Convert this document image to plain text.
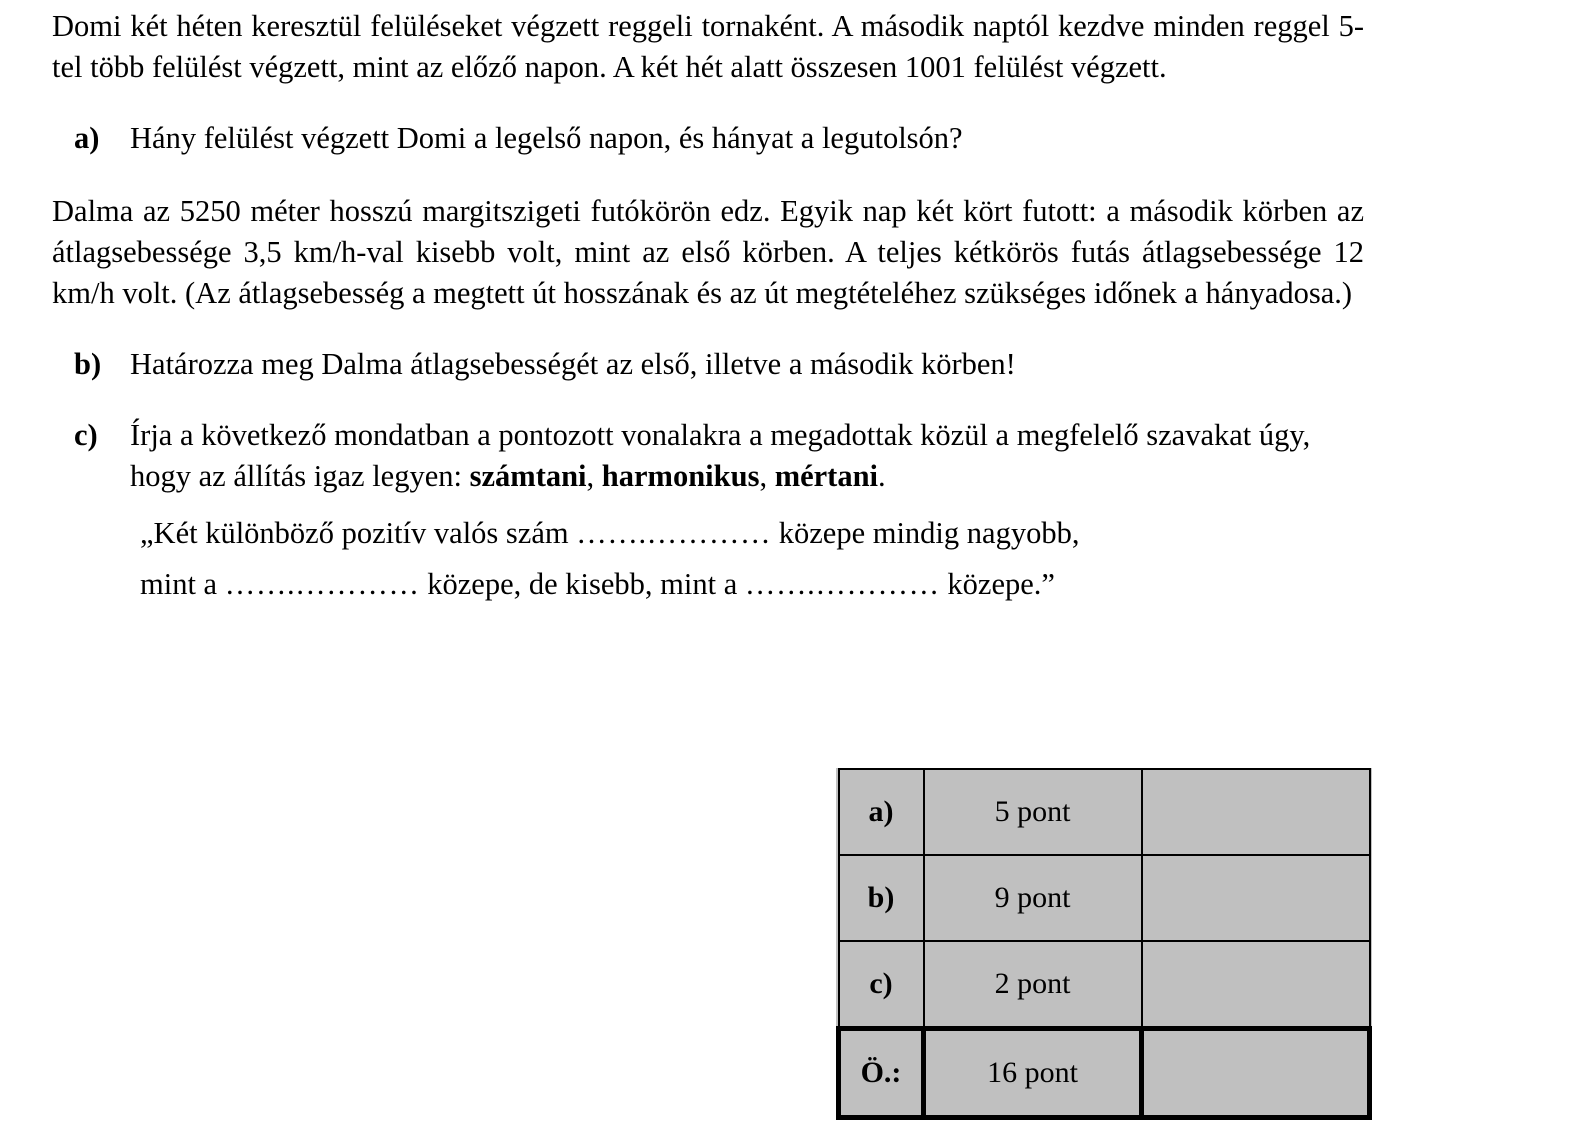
Domi két héten keresztül felüléseket végzett reggeli tornaként. A második naptól kezdve minden reggel 5-tel több felülést végzett, mint az előző napon. A két hét alatt összesen 1001 felülést végzett.

a) Hány felülést végzett Domi a legelső napon, és hányat a legutolsón?

Dalma az 5250 méter hosszú margitszigeti futókörön edz. Egyik nap két kört futott: a második körben az átlagsebessége 3,5 km/h-val kisebb volt, mint az első körben. A teljes kétkörös futás átlagsebessége 12 km/h volt. (Az átlagsebesség a megtett út hosszának és az út megtételéhez szükséges időnek a hányadosa.)

b) Határozza meg Dalma átlagsebességét az első, illetve a második körben!
c) Írja a következő mondatban a pontozott vonalakra a megadottak közül a megfelelő szavakat úgy, hogy az állítás igaz legyen: számtani, harmonikus, mértani.

„Két különböző pozitív valós szám …….………… közepe mindig nagyobb,

mint a …….………… közepe, de kisebb, mint a …….………… közepe.”

a)	5 pont	
b)	9 pont	
c)	2 pont	
Ö.:	16 pont	
